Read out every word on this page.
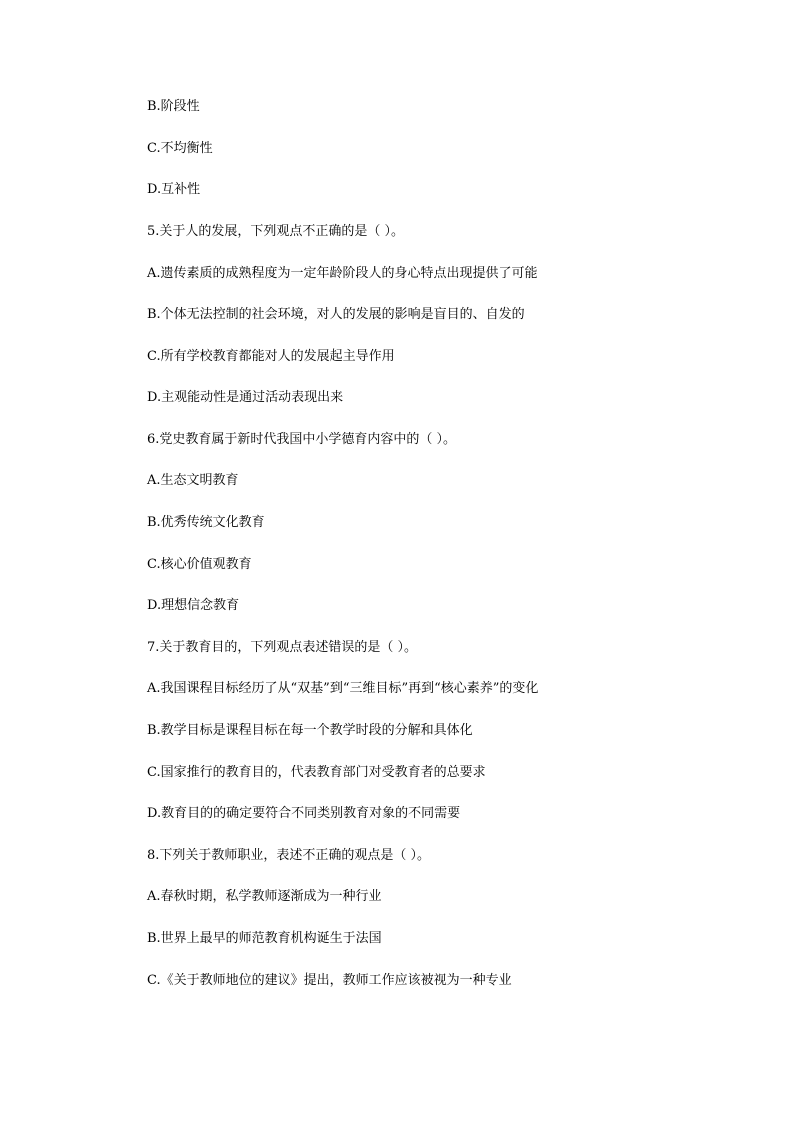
B.阶段性
C.不均衡性
D.互补性
5.关于人的发展，下列观点不正确的是（ ）。
A.遗传素质的成熟程度为一定年龄阶段人的身心特点出现提供了可能
B.个体无法控制的社会环境，对人的发展的影响是盲目的、自发的
C.所有学校教育都能对人的发展起主导作用
D.主观能动性是通过活动表现出来
6.党史教育属于新时代我国中小学德育内容中的（ ）。
A.生态文明教育
B.优秀传统文化教育
C.核心价值观教育
D.理想信念教育
7.关于教育目的，下列观点表述错误的是（ ）。
A.我国课程目标经历了从“双基”到“三维目标”再到“核心素养”的变化
B.教学目标是课程目标在每一个教学时段的分解和具体化
C.国家推行的教育目的，代表教育部门对受教育者的总要求
D.教育目的的确定要符合不同类别教育对象的不同需要
8.下列关于教师职业，表述不正确的观点是（ ）。
A.春秋时期，私学教师逐渐成为一种行业
B.世界上最早的师范教育机构诞生于法国
C.《关于教师地位的建议》提出，教师工作应该被视为一种专业
